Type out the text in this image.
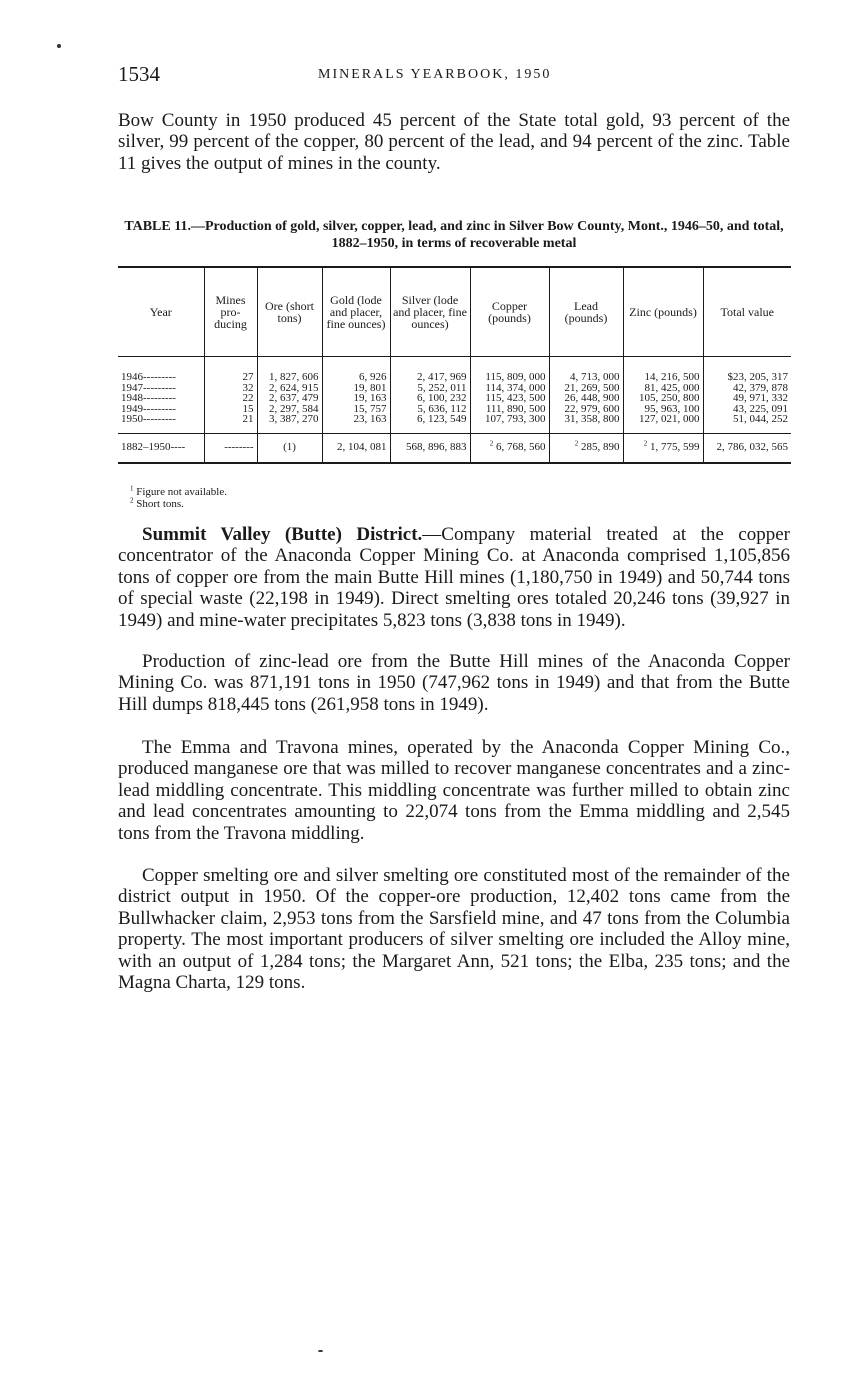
1534	MINERALS YEARBOOK, 1950

Bow County in 1950 produced 45 percent of the State total gold, 93 percent of the silver, 99 percent of the copper, 80 percent of the lead, and 94 percent of the zinc. Table 11 gives the output of mines in the county.

TABLE 11.—Production of gold, silver, copper, lead, and zinc in Silver Bow County, Mont., 1946–50, and total, 1882–1950, in terms of recoverable metal
Year	Mines pro-ducing	Ore (short tons)	Gold (lode and placer, fine ounces)	Silver (lode and placer, fine ounces)	Copper (pounds)	Lead (pounds)	Zinc (pounds)	Total value
1946---------	27	1, 827, 606	6, 926	2, 417, 969	115, 809, 000	4, 713, 000	14, 216, 500	$23, 205, 317
1947---------	32	2, 624, 915	19, 801	5, 252, 011	114, 374, 000	21, 269, 500	81, 425, 000	42, 379, 878
1948---------	22	2, 637, 479	19, 163	6, 100, 232	115, 423, 500	26, 448, 900	105, 250, 800	49, 971, 332
1949---------	15	2, 297, 584	15, 757	5, 636, 112	111, 890, 500	22, 979, 600	95, 963, 100	43, 225, 091
1950---------	21	3, 387, 270	23, 163	6, 123, 549	107, 793, 300	31, 358, 800	127, 021, 000	51, 044, 252
1882–1950----	--------	(1)	2, 104, 081	568, 896, 883	$^2$ 6, 768, 560	$^2$ 285, 890	$^2$ 1, 775, 599	2, 786, 032, 565
$^1$ Figure not available.
$^2$ Short tons.

Summit Valley (Butte) District.—Company material treated at the copper concentrator of the Anaconda Copper Mining Co. at Anaconda comprised 1,105,856 tons of copper ore from the main Butte Hill mines (1,180,750 in 1949) and 50,744 tons of special waste (22,198 in 1949). Direct smelting ores totaled 20,246 tons (39,927 in 1949) and mine-water precipitates 5,823 tons (3,838 tons in 1949).

Production of zinc-lead ore from the Butte Hill mines of the Anaconda Copper Mining Co. was 871,191 tons in 1950 (747,962 tons in 1949) and that from the Butte Hill dumps 818,445 tons (261,958 tons in 1949).

The Emma and Travona mines, operated by the Anaconda Copper Mining Co., produced manganese ore that was milled to recover manganese concentrates and a zinc-lead middling concentrate. This middling concentrate was further milled to obtain zinc and lead concentrates amounting to 22,074 tons from the Emma middling and 2,545 tons from the Travona middling.

Copper smelting ore and silver smelting ore constituted most of the remainder of the district output in 1950. Of the copper-ore production, 12,402 tons came from the Bullwhacker claim, 2,953 tons from the Sarsfield mine, and 47 tons from the Columbia property. The most important producers of silver smelting ore included the Alloy mine, with an output of 1,284 tons; the Margaret Ann, 521 tons; the Elba, 235 tons; and the Magna Charta, 129 tons.
